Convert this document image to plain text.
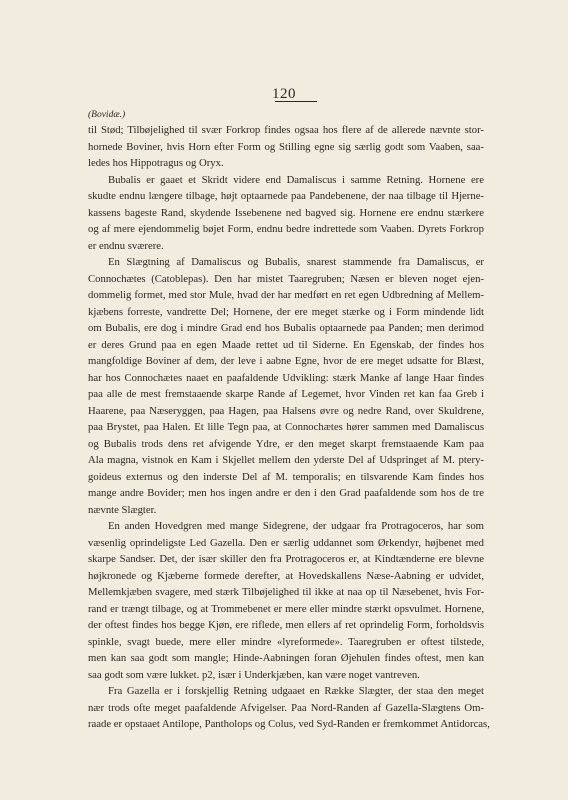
120
(Bovidæ.)
til Stød; Tilbøjelighed til svær Forkrop findes ogsaa hos flere af de allerede nævnte stor-
hornede Boviner, hvis Horn efter Form og Stilling egne sig særlig godt som Vaaben, saa-
ledes hos Hippotragus og Oryx.
Bubalis er gaaet et Skridt videre end Damaliscus i samme Retning. Hornene ere
skudte endnu længere tilbage, højt optaarnede paa Pandebenene, der naa tilbage til Hjerne-
kassens bageste Rand, skydende Issebenene ned bagved sig. Hornene ere endnu stærkere
og af mere ejendommelig bøjet Form, endnu bedre indrettede som Vaaben. Dyrets Forkrop
er endnu sværere.
En Slægtning af Damaliscus og Bubalis, snarest stammende fra Damaliscus, er
Connochætes (Catoblepas). Den har mistet Taaregruben; Næsen er bleven noget ejen-
dommelig formet, med stor Mule, hvad der har medført en ret egen Udbredning af Mellem-
kjæbens forreste, vandrette Del; Hornene, der ere meget stærke og i Form mindende lidt
om Bubalis, ere dog i mindre Grad end hos Bubalis optaarnede paa Panden; men derimod
er deres Grund paa en egen Maade rettet ud til Siderne. En Egenskab, der findes hos
mangfoldige Boviner af dem, der leve i aabne Egne, hvor de ere meget udsatte for Blæst,
har hos Connochætes naaet en paafaldende Udvikling: stærk Manke af lange Haar findes
paa alle de mest fremstaaende skarpe Rande af Legemet, hvor Vinden ret kan faa Greb i
Haarene, paa Næseryggen, paa Hagen, paa Halsens øvre og nedre Rand, over Skuldrene,
paa Brystet, paa Halen. Et lille Tegn paa, at Connochætes hører sammen med Damaliscus
og Bubalis trods dens ret afvigende Ydre, er den meget skarpt fremstaaende Kam paa
Ala magna, vistnok en Kam i Skjellet mellem den yderste Del af Udspringet af M. ptery-
goideus externus og den inderste Del af M. temporalis; en tilsvarende Kam findes hos
mange andre Bovider; men hos ingen andre er den i den Grad paafaldende som hos de tre
nævnte Slægter.
En anden Hovedgren med mange Sidegrene, der udgaar fra Protragoceros, har som
væsenlig oprindeligste Led Gazella. Den er særlig uddannet som Ørkendyr, højbenet med
skarpe Sandser. Det, der især skiller den fra Protragoceros er, at Kindtænderne ere blevne
højkronede og Kjæberne formede derefter, at Hovedskallens Næse-Aabning er udvidet,
Mellemkjæben svagere, med stærk Tilbøjelighed til ikke at naa op til Næsebenet, hvis For-
rand er trængt tilbage, og at Trommebenet er mere eller mindre stærkt opsvulmet. Hornene,
der oftest findes hos begge Kjøn, ere riflede, men ellers af ret oprindelig Form, forholdsvis
spinkle, svagt buede, mere eller mindre «lyreformede». Taaregruben er oftest tilstede,
men kan saa godt som mangle; Hinde-Aabningen foran Øjehulen findes oftest, men kan
saa godt som være lukket. p2, især i Underkjæben, kan være noget vantreven.
Fra Gazella er i forskjellig Retning udgaaet en Række Slægter, der staa den meget
nær trods ofte meget paafaldende Afvigelser. Paa Nord-Randen af Gazella-Slægtens Om-
raade er opstaaet Antilope, Pantholops og Colus, ved Syd-Randen er fremkommet Antidorcas,
